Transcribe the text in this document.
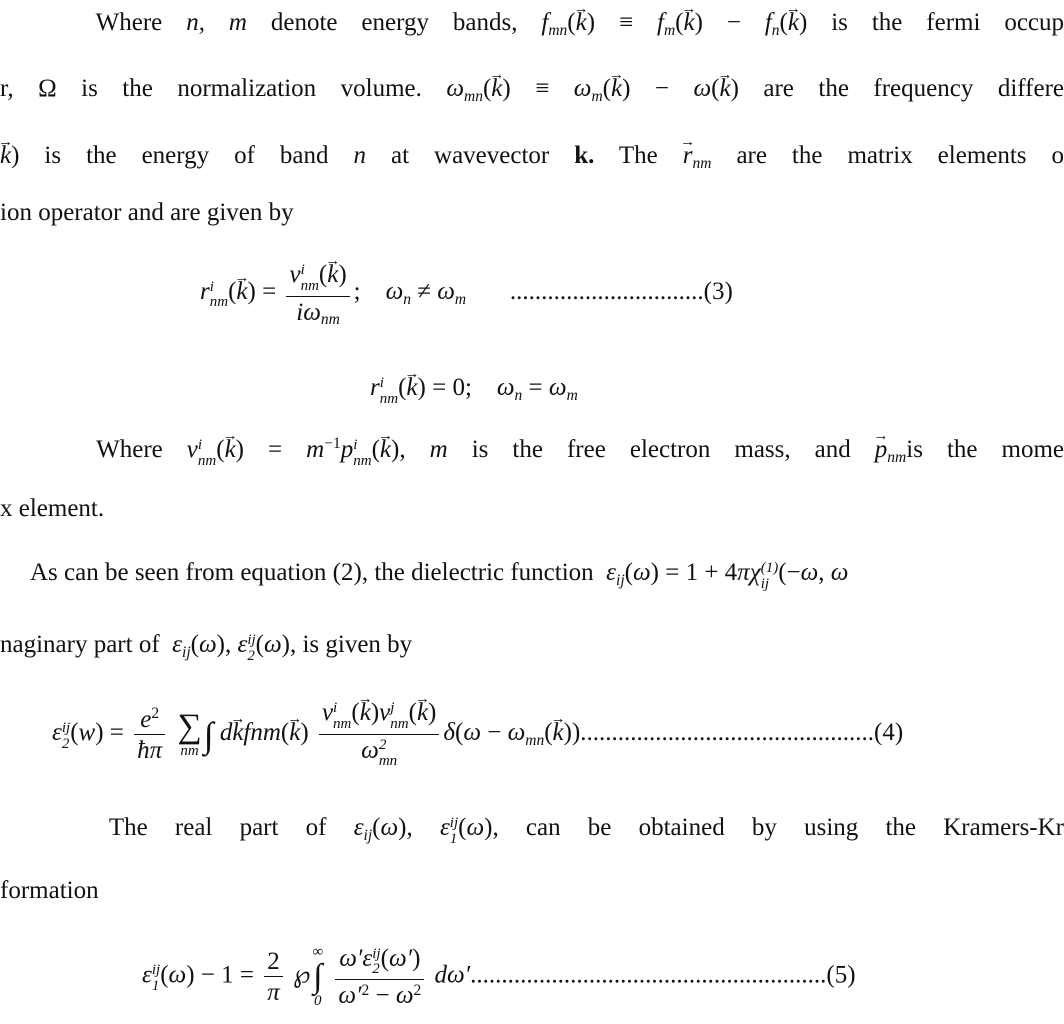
Where n, m denote energy bands, $f_{mn}(\to k) \equiv f_m(\to k) - f_n(\to k)$ is the fermi occup
r, Ω is the normalization volume. $\omega_{mn}(\to k) \equiv \omega_m(\to k) - \omega(\to k)$ are the frequency differe
→ k) is the energy of band n at wavevector k. The → $r_{nm}$ are the matrix elements o
ion operator and are given by
r i
nm (→ k) = v i
nm (→ k)
$i\omega_{nm}$ ;    $\omega_n \ne \omega_m$ ...............................(3)
r i
nm (→ k) = 0;    $\omega_n = \omega_m$
Where v i
nm (→ $k) = m^{-1}p$ i
nm (→ k), m is the free electron mass, and → $p_{nm}is$ the mome
x element.
As can be seen from equation (2), the dielectric function $\varepsilon_{ij}(\omega) = 1 + 4\pi\chi$ (1)
ij (−ω, ω
naginary part of $\varepsilon_{ij}(\omega)$, ε ij
2 (ω), is given by
ε ij
2 $(w) = \frac{e^2}{ħ\pi}$
∑
nm ∫ d→ kfnm(→ k) v i
nm (→ k)v j
nm (→ k)
ω 2
mn $\delta(\omega - \omega_{mn}(\to k))...............................................(4)$
The real part of $\varepsilon_{ij}(\omega)$, ε ij
1 (ω), can be obtained by using the Kramers-Kr
formation
ε ij
1 $(\omega) - 1 = \frac{2}{\pi}$ ℘
∞
∫
0
ω′ε ij
2 (ω′)
$\omega'^2 - \omega^2$ dω′.........................................................(5)
